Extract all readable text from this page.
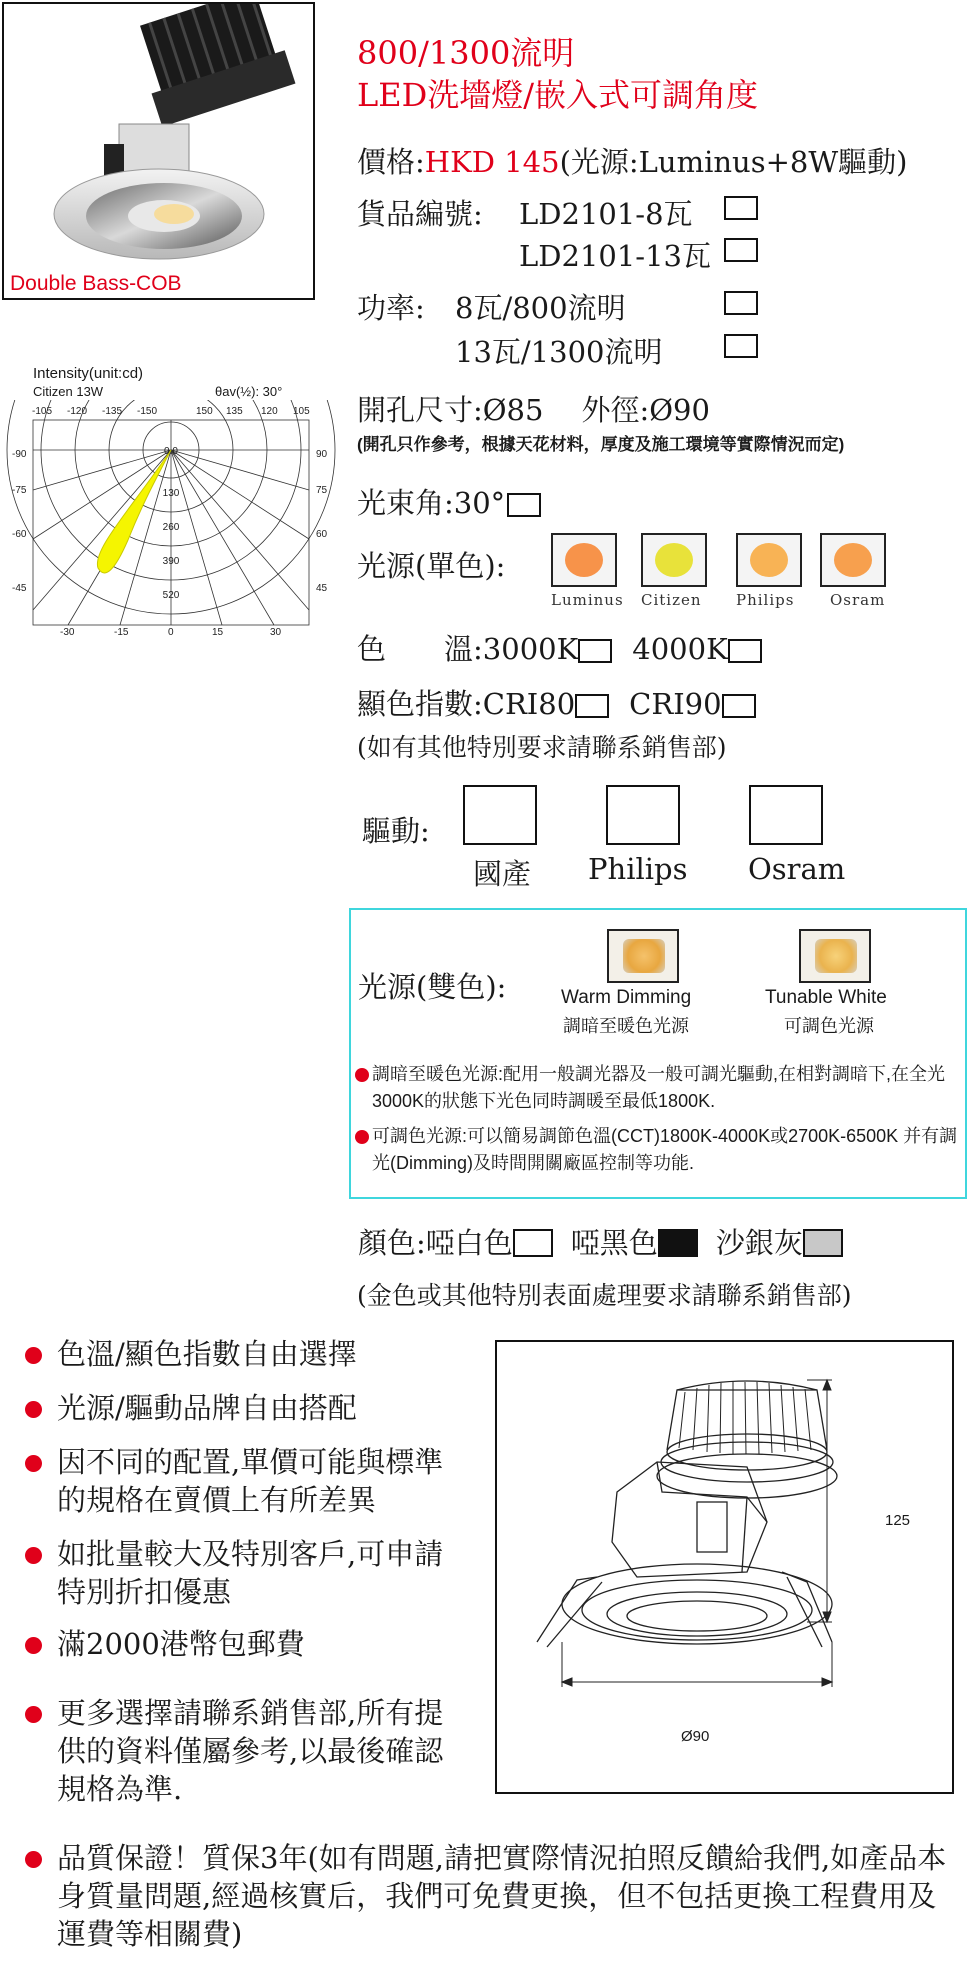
Double Bass-COB
800/1300流明
LED洗墻燈/嵌入式可調角度
價格:HKD 145(光源:Luminus+8W驅動)
貨品編號: LD2101-8瓦
LD2101-13瓦
功率: 8瓦/800流明
13瓦/1300流明
Intensity(unit:cd)
Citizen 13W	θav(½): 30°
-105 -120 -135 -150	150 135 120 105
-90
-75
-60
-45
90
75
60
45
-30	-15	0	15	30
0.0
130
260
390
520
開孔尺寸:Ø85 外徑:Ø90
(開孔只作參考，根據天花材料，厚度及施工環境等實際情況而定)
光束角:30°
光源(單色):
Luminus Citizen Philips Osram
色 溫:3000K 4000K
顯色指數:CRI80 CRI90
(如有其他特別要求請聯系銷售部)
驅動:
國產 Philips Osram
光源(雙色):	Warm Dimming
調暗至暖色光源
Tunable White
可調色光源
調暗至暖色光源:配用一般調光器及一般可調光驅動,在相對調暗下,在全光3000K的狀態下光色同時調暖至最低1800K.
可調色光源:可以簡易調節色溫(CCT)1800K-4000K或2700K-6500K 并有調光(Dimming)及時間開關廠區控制等功能.
顏色:啞白色 啞黑色 沙銀灰
(金色或其他特別表面處理要求請聯系銷售部)
色溫/顯色指數自由選擇
光源/驅動品牌自由搭配
因不同的配置,單價可能與標準的規格在賣價上有所差異
如批量較大及特別客戶,可申請特別折扣優惠
滿2000港幣包郵費
更多選擇請聯系銷售部,所有提供的資料僅屬參考,以最後確認規格為準.
品質保證！質保3年(如有問題,請把實際情況拍照反饋給我們,如產品本身質量問題,經過核實后，我們可免費更換，但不包括更換工程費用及運費等相關費)
125
Ø90
